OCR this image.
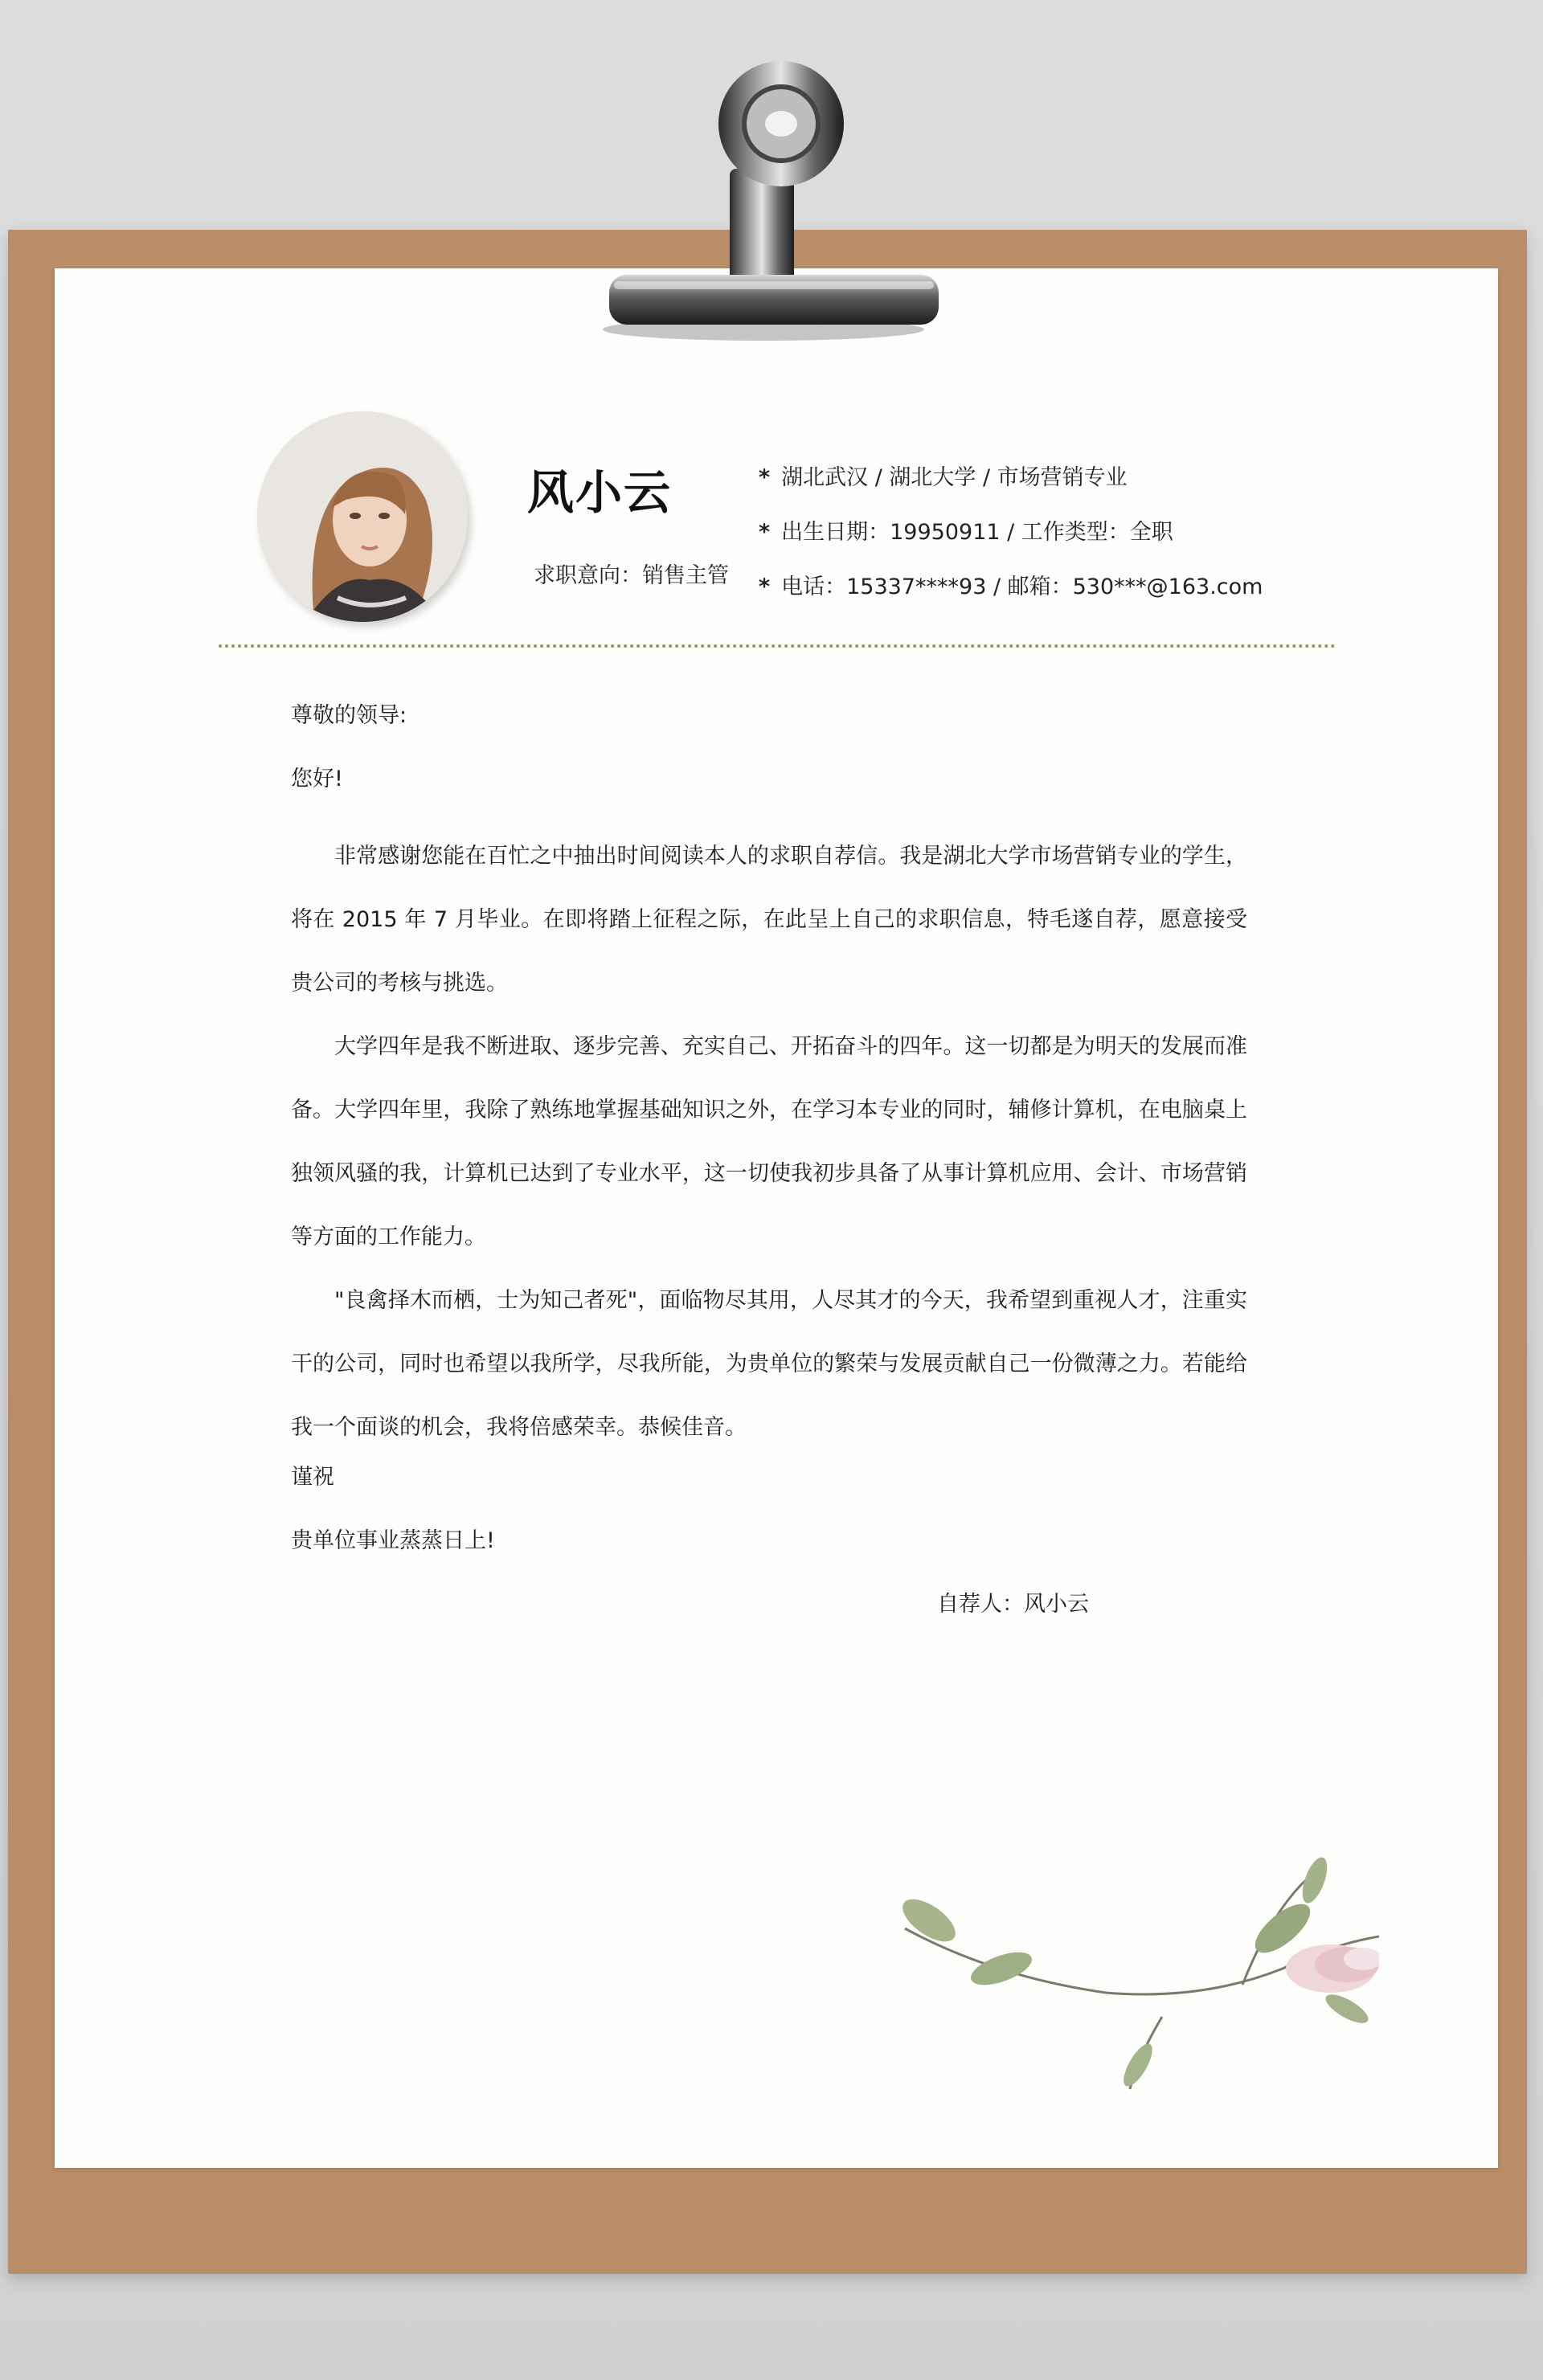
风小云
求职意向：销售主管
* 湖北武汉 / 湖北大学 / 市场营销专业
* 出生日期：19950911 / 工作类型：全职
* 电话：15337****93 / 邮箱：530***@163.com
尊敬的领导:
您好!
非常感谢您能在百忙之中抽出时间阅读本人的求职自荐信。我是湖北大学市场营销专业的学生，将在 2015 年 7 月毕业。在即将踏上征程之际，在此呈上自己的求职信息，特毛遂自荐，愿意接受贵公司的考核与挑选。
大学四年是我不断进取、逐步完善、充实自己、开拓奋斗的四年。这一切都是为明天的发展而准备。大学四年里，我除了熟练地掌握基础知识之外，在学习本专业的同时，辅修计算机，在电脑桌上独领风骚的我，计算机已达到了专业水平，这一切使我初步具备了从事计算机应用、会计、市场营销等方面的工作能力。
"良禽择木而栖，士为知己者死"，面临物尽其用，人尽其才的今天，我希望到重视人才，注重实干的公司，同时也希望以我所学，尽我所能，为贵单位的繁荣与发展贡献自己一份微薄之力。若能给我一个面谈的机会，我将倍感荣幸。恭候佳音。
谨祝
贵单位事业蒸蒸日上!
自荐人：风小云
